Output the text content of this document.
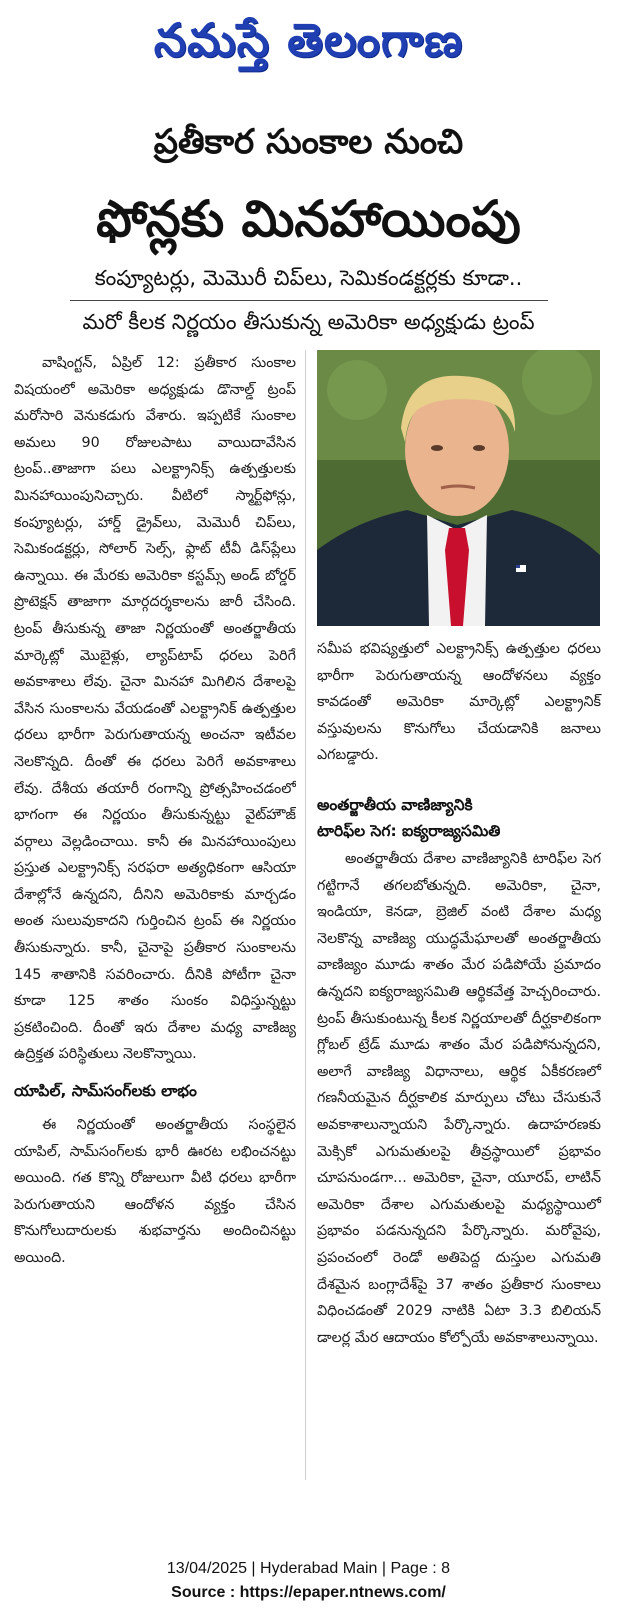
నమస్తే తెలంగాణ
ప్రతీకార సుంకాల నుంచి
ఫోన్లకు మినహాయింపు
కంప్యూటర్లు, మెమొరీ చిప్‌లు, సెమికండక్టర్లకు కూడా..
మరో కీలక నిర్ణయం తీసుకున్న అమెరికా అధ్యక్షుడు ట్రంప్

వాషింగ్టన్, ఏప్రిల్ 12: ప్రతీకార సుంకాల విషయంలో అమెరికా అధ్యక్షుడు డొనాల్డ్ ట్రంప్ మరోసారి వెనుకడుగు వేశారు. ఇప్పటికే సుంకాల అమలు 90 రోజులపాటు వాయిదావేసిన ట్రంప్..తాజాగా పలు ఎలక్ట్రానిక్స్ ఉత్పత్తులకు మినహాయింపునిచ్చారు. వీటిలో స్మార్ట్‌ఫోన్లు, కంప్యూటర్లు, హార్డ్ డ్రైవ్‌లు, మెమొరీ చిప్‌లు, సెమికండక్టర్లు, సోలార్ సెల్స్, ఫ్లాట్ టీవీ డిస్‌ప్లేలు ఉన్నాయి. ఈ మేరకు అమెరికా కస్టమ్స్ అండ్ బోర్డర్ ప్రొటెక్షన్ తాజాగా మార్గదర్శకాలను జారీ చేసింది. ట్రంప్ తీసుకున్న తాజా నిర్ణయంతో అంతర్జాతీయ మార్కెట్లో మొబైళ్లు, ల్యాప్‌టాప్ ధరలు పెరిగే అవకాశాలు లేవు. చైనా మినహా మిగిలిన దేశాలపై వేసిన సుంకాలను వేయడంతో ఎలక్ట్రానిక్ ఉత్పత్తుల ధరలు భారీగా పెరుగుతాయన్న అంచనా ఇటీవల నెలకొన్నది. దీంతో ఈ ధరలు పెరిగే అవకాశాలు లేవు. దేశీయ తయారీ రంగాన్ని ప్రోత్సహించడంలో భాగంగా ఈ నిర్ణయం తీసుకున్నట్టు వైట్‌హౌజ్ వర్గాలు వెల్లడించాయి. కానీ ఈ మినహాయింపులు ప్రస్తుత ఎలక్ట్రానిక్స్ సరఫరా అత్యధికంగా ఆసియా దేశాల్లోనే ఉన్నదని, దీనిని అమెరికాకు మార్చడం అంత సులువుకాదని గుర్తించిన ట్రంప్ ఈ నిర్ణయం తీసుకున్నారు. కానీ, చైనాపై ప్రతీకార సుంకాలను 145 శాతానికి సవరించారు. దీనికి పోటీగా చైనా కూడా 125 శాతం సుంకం విధిస్తున్నట్టు ప్రకటించింది. దీంతో ఇరు దేశాల మధ్య వాణిజ్య ఉద్రిక్తత పరిస్థితులు నెలకొన్నాయి.

యాపిల్, సామ్‌సంగ్‌లకు లాభం

ఈ నిర్ణయంతో అంతర్జాతీయ సంస్థలైన యాపిల్, సామ్‌సంగ్‌లకు భారీ ఊరట లభించనట్టు అయింది. గత కొన్ని రోజులుగా వీటి ధరలు భారీగా పెరుగుతాయని ఆందోళన వ్యక్తం చేసిన కొనుగోలుదారులకు శుభవార్తను అందించినట్టు అయింది.

సమీప భవిష్యత్తులో ఎలక్ట్రానిక్స్ ఉత్పత్తుల ధరలు భారీగా పెరుగుతాయన్న ఆందోళనలు వ్యక్తం కావడంతో అమెరికా మార్కెట్లో ఎలక్ట్రానిక్ వస్తువులను కొనుగోలు చేయడానికి జనాలు ఎగబడ్డారు.

అంతర్జాతీయ వాణిజ్యానికి
టారిఫ్‌ల సెగ: ఐక్యరాజ్యసమితి

అంతర్జాతీయ దేశాల వాణిజ్యానికి టారిఫ్‌ల సెగ గట్టిగానే తగలబోతున్నది. అమెరికా, చైనా, ఇండియా, కెనడా, బ్రెజిల్ వంటి దేశాల మధ్య నెలకొన్న వాణిజ్య యుద్ధమేఘాలతో అంతర్జాతీయ వాణిజ్యం మూడు శాతం మేర పడిపోయే ప్రమాదం ఉన్నదని ఐక్యరాజ్యసమితి ఆర్థికవేత్త హెచ్చరించారు. ట్రంప్ తీసుకుంటున్న కీలక నిర్ణయాలతో దీర్ఘకాలికంగా గ్లోబల్ ట్రేడ్ మూడు శాతం మేర పడిపోనున్నదని, అలాగే వాణిజ్య విధానాలు, ఆర్థిక ఏకీకరణలో గణనీయమైన దీర్ఘకాలిక మార్పులు చోటు చేసుకునే అవకాశాలున్నాయని పేర్కొన్నారు. ఉదాహరణకు మెక్సికో ఎగుమతులపై తీవ్రస్థాయిలో ప్రభావం చూపనుండగా... అమెరికా, చైనా, యూరప్, లాటిన్ అమెరికా దేశాల ఎగుమతులపై మధ్యస్థాయిలో ప్రభావం పడనున్నదని పేర్కొన్నారు. మరోవైపు, ప్రపంచంలో రెండో అతిపెద్ద దుస్తుల ఎగుమతి దేశమైన బంగ్లాదేశ్‌పై 37 శాతం ప్రతీకార సుంకాలు విధించడంతో 2029 నాటికి ఏటా 3.3 బిలియన్ డాలర్ల మేర ఆదాయం కోల్పోయే అవకాశాలున్నాయి.

13/04/2025 | Hyderabad Main | Page : 8
Source : https://epaper.ntnews.com/
